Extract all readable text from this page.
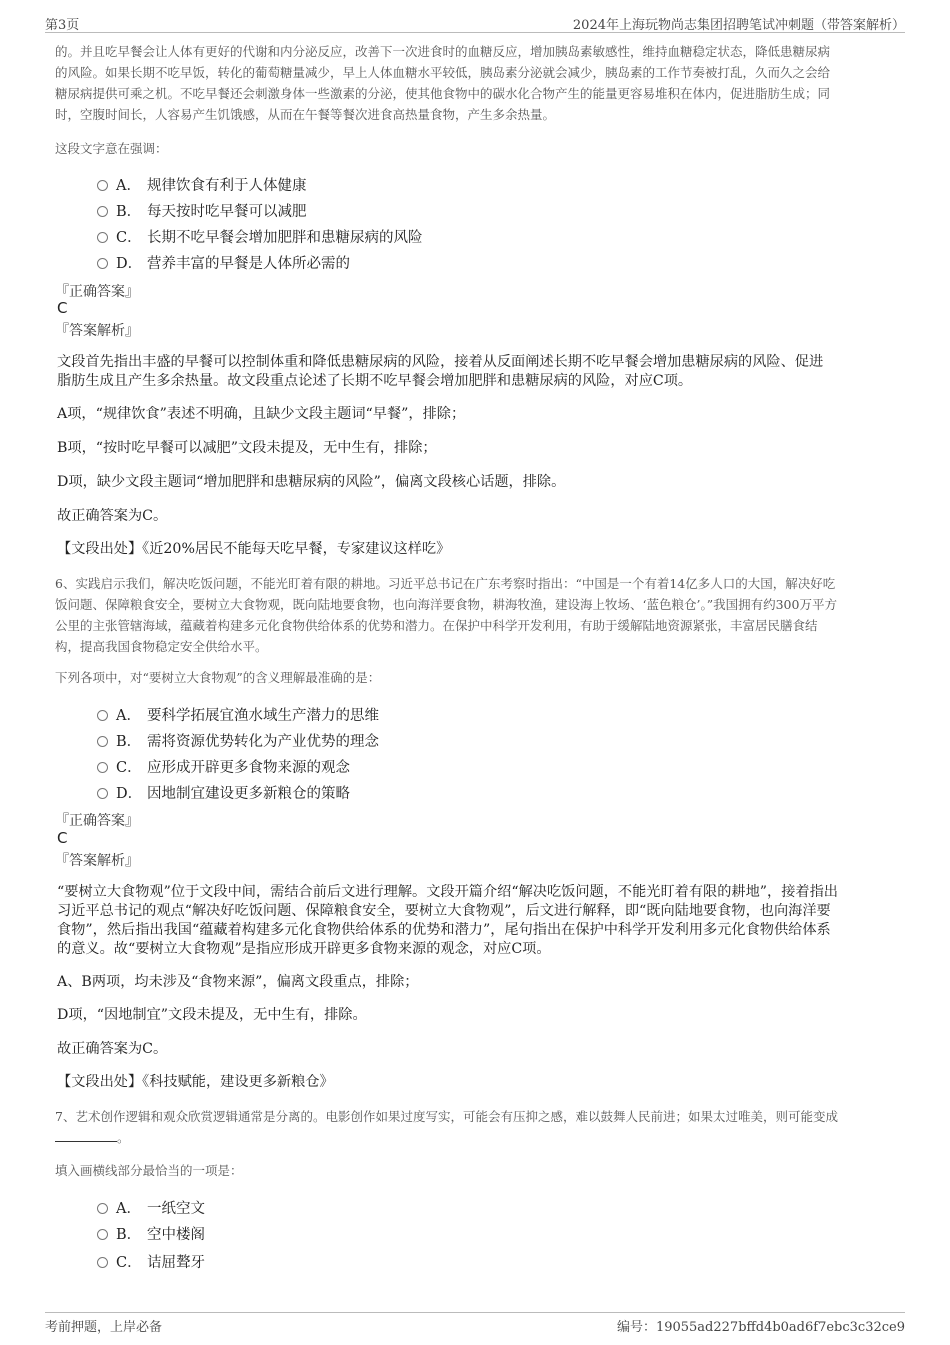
第3页	2024年上海玩物尚志集团招聘笔试冲刺题（带答案解析）
的。并且吃早餐会让人体有更好的代谢和内分泌反应，改善下一次进食时的血糖反应，增加胰岛素敏感性，维持血糖稳定状态，降低患糖尿病
的风险。如果长期不吃早饭，转化的葡萄糖量减少，早上人体血糖水平较低，胰岛素分泌就会减少，胰岛素的工作节奏被打乱，久而久之会给
糖尿病提供可乘之机。不吃早餐还会刺激身体一些激素的分泌，使其他食物中的碳水化合物产生的能量更容易堆积在体内，促进脂肪生成；同
时，空腹时间长，人容易产生饥饿感，从而在午餐等餐次进食高热量食物，产生多余热量。
这段文字意在强调：
A． 规律饮食有利于人体健康
B． 每天按时吃早餐可以减肥
C． 长期不吃早餐会增加肥胖和患糖尿病的风险
D． 营养丰富的早餐是人体所必需的
『正确答案』
C
『答案解析』
文段首先指出丰盛的早餐可以控制体重和降低患糖尿病的风险，接着从反面阐述长期不吃早餐会增加患糖尿病的风险、促进
脂肪生成且产生多余热量。故文段重点论述了长期不吃早餐会增加肥胖和患糖尿病的风险，对应C项。
A项，“规律饮食”表述不明确，且缺少文段主题词“早餐”，排除；
B项，“按时吃早餐可以减肥”文段未提及，无中生有，排除；
D项，缺少文段主题词“增加肥胖和患糖尿病的风险”，偏离文段核心话题，排除。
故正确答案为C。
【文段出处】《近20%居民不能每天吃早餐，专家建议这样吃》
6、实践启示我们，解决吃饭问题，不能光盯着有限的耕地。习近平总书记在广东考察时指出：“中国是一个有着14亿多人口的大国，解决好吃
饭问题、保障粮食安全，要树立大食物观，既向陆地要食物，也向海洋要食物，耕海牧渔，建设海上牧场、‘蓝色粮仓’。”我国拥有约300万平方
公里的主张管辖海域，蕴藏着构建多元化食物供给体系的优势和潜力。在保护中科学开发利用，有助于缓解陆地资源紧张，丰富居民膳食结
构，提高我国食物稳定安全供给水平。
下列各项中，对“要树立大食物观”的含义理解最准确的是：
A． 要科学拓展宜渔水域生产潜力的思维
B． 需将资源优势转化为产业优势的理念
C． 应形成开辟更多食物来源的观念
D． 因地制宜建设更多新粮仓的策略
『正确答案』
C
『答案解析』
“要树立大食物观”位于文段中间，需结合前后文进行理解。文段开篇介绍“解决吃饭问题，不能光盯着有限的耕地”，接着指出
习近平总书记的观点“解决好吃饭问题、保障粮食安全，要树立大食物观”，后文进行解释，即“既向陆地要食物，也向海洋要
食物”，然后指出我国“蕴藏着构建多元化食物供给体系的优势和潜力”，尾句指出在保护中科学开发利用多元化食物供给体系
的意义。故“要树立大食物观”是指应形成开辟更多食物来源的观念，对应C项。
A、B两项，均未涉及“食物来源”，偏离文段重点，排除；
D项，“因地制宜”文段未提及，无中生有，排除。
故正确答案为C。
【文段出处】《科技赋能，建设更多新粮仓》
7、艺术创作逻辑和观众欣赏逻辑通常是分离的。电影创作如果过度写实，可能会有压抑之感，难以鼓舞人民前进；如果太过唯美，则可能变成
。
填入画横线部分最恰当的一项是：
A． 一纸空文
B． 空中楼阁
C． 诘屈聱牙
考前押题，上岸必备	编号：19055ad227bffd4b0ad6f7ebc3c32ce9
